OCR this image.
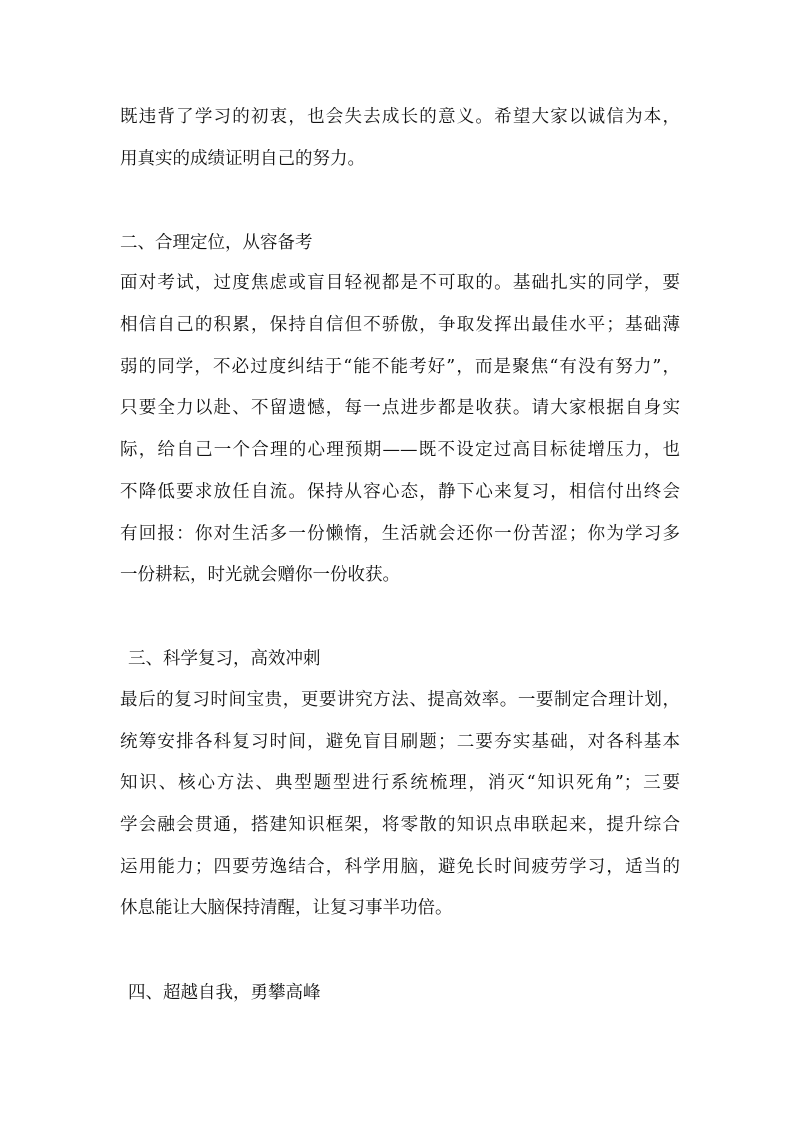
既违背了学习的初衷，也会失去成长的意义。希望大家以诚信为本，
用真实的成绩证明自己的努力。
二、合理定位，从容备考
面对考试，过度焦虑或盲目轻视都是不可取的。基础扎实的同学，要
相信自己的积累，保持自信但不骄傲，争取发挥出最佳水平；基础薄
弱的同学，不必过度纠结于“能不能考好”，而是聚焦“有没有努力”，
只要全力以赴、不留遗憾，每一点进步都是收获。请大家根据自身实
际，给自己一个合理的心理预期——既不设定过高目标徒增压力，也
不降低要求放任自流。保持从容心态，静下心来复习，相信付出终会
有回报：你对生活多一份懒惰，生活就会还你一份苦涩；你为学习多
一份耕耘，时光就会赠你一份收获。
三、科学复习，高效冲刺
最后的复习时间宝贵，更要讲究方法、提高效率。一要制定合理计划，
统筹安排各科复习时间，避免盲目刷题；二要夯实基础，对各科基本
知识、核心方法、典型题型进行系统梳理，消灭“知识死角”；三要
学会融会贯通，搭建知识框架，将零散的知识点串联起来，提升综合
运用能力；四要劳逸结合，科学用脑，避免长时间疲劳学习，适当的
休息能让大脑保持清醒，让复习事半功倍。
四、超越自我，勇攀高峰
